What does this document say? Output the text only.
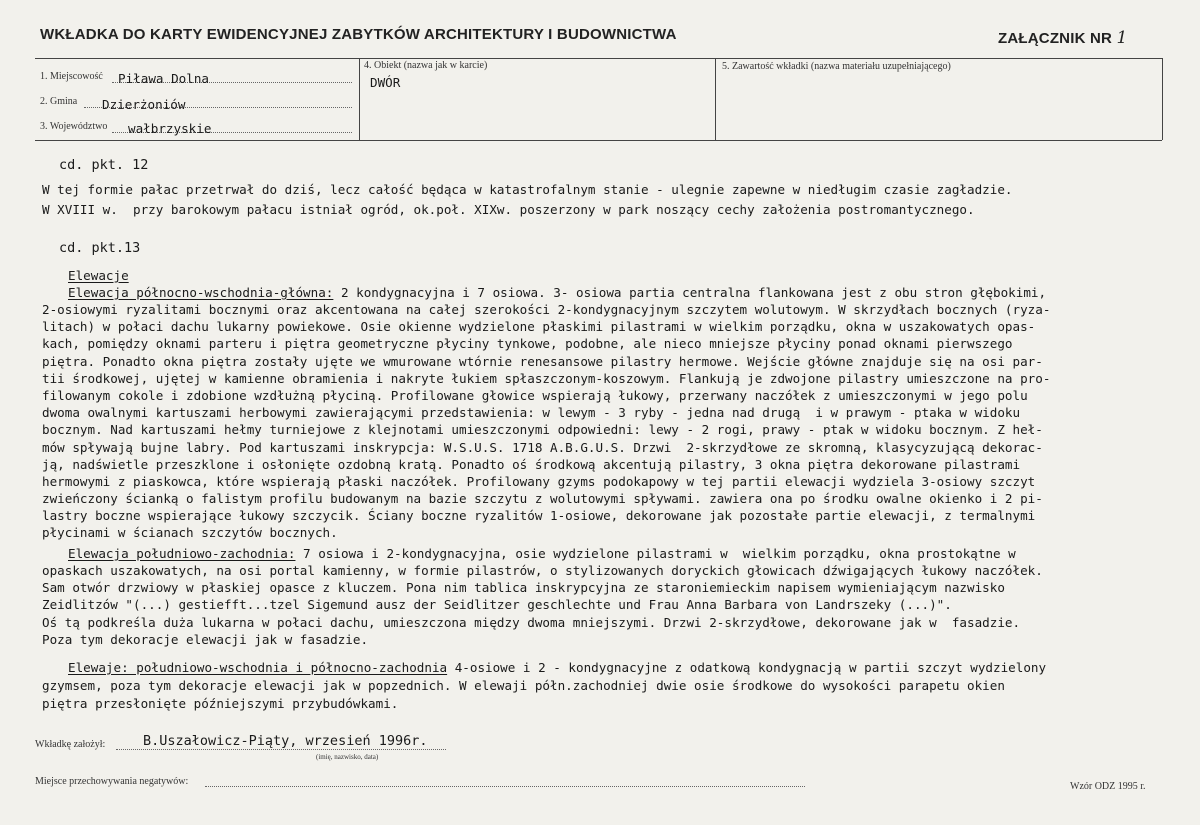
WKŁADKA DO KARTY EWIDENCYJNEJ ZABYTKÓW ARCHITEKTURY I BUDOWNICTWA	ZAŁĄCZNIK NR 1
1. Miejscowość Piława Dolna
2. Gmina Dzierżoniów
3. Województwo wałbrzyskie
4. Obiekt (nazwa jak w karcie)
DWÓR
5. Zawartość wkładki (nazwa materiału uzupełniającego)
cd. pkt. 12
W tej formie pałac przetrwał do dziś, lecz całość będąca w katastrofalnym stanie - ulegnie zapewne w niedługim czasie zagładzie.
W XVIII w.  przy barokowym pałacu istniał ogród, ok.poł. XIXw. poszerzony w park noszący cechy założenia postromantycznego.
cd. pkt.13
Elewacje
Elewacja północno-wschodnia-główna: 2 kondygnacyjna i 7 osiowa. 3- osiowa partia centralna flankowana jest z obu stron głębokimi,
2-osiowymi ryzalitami bocznymi oraz akcentowana na całej szerokości 2-kondygnacyjnym szczytem wolutowym. W skrzydłach bocznych (ryza-
litach) w połaci dachu lukarny powiekowe. Osie okienne wydzielone płaskimi pilastrami w wielkim porządku, okna w uszakowatych opas-
kach, pomiędzy oknami parteru i piętra geometryczne płyciny tynkowe, podobne, ale nieco mniejsze płyciny ponad oknami pierwszego
piętra. Ponadto okna piętra zostały ujęte we wmurowane wtórnie renesansowe pilastry hermowe. Wejście główne znajduje się na osi par-
tii środkowej, ujętej w kamienne obramienia i nakryte łukiem spłaszczonym-koszowym. Flankują je zdwojone pilastry umieszczone na pro-
filowanym cokole i zdobione wzdłużną płyciną. Profilowane głowice wspierają łukowy, przerwany naczółek z umieszczonymi w jego polu
dwoma owalnymi kartuszami herbowymi zawierającymi przedstawienia: w lewym - 3 ryby - jedna nad drugą  i w prawym - ptaka w widoku
bocznym. Nad kartuszami hełmy turniejowe z klejnotami umieszczonymi odpowiedni: lewy - 2 rogi, prawy - ptak w widoku bocznym. Z heł-
mów spływają bujne labry. Pod kartuszami inskrypcja: W.S.U.S. 1718 A.B.G.U.S. Drzwi  2-skrzydłowe ze skromną, klasycyzującą dekorac-
ją, nadświetle przeszklone i osłonięte ozdobną kratą. Ponadto oś środkową akcentują pilastry, 3 okna piętra dekorowane pilastrami
hermowymi z piaskowca, które wspierają płaski naczółek. Profilowany gzyms podokapowy w tej partii elewacji wydziela 3-osiowy szczyt
zwieńczony ścianką o falistym profilu budowanym na bazie szczytu z wolutowymi spływami. zawiera ona po środku owalne okienko i 2 pi-
lastry boczne wspierające łukowy szczycik. Ściany boczne ryzalitów 1-osiowe, dekorowane jak pozostałe partie elewacji, z termalnymi
płycinami w ścianach szczytów bocznych.
Elewacja południowo-zachodnia: 7 osiowa i 2-kondygnacyjna, osie wydzielone pilastrami w  wielkim porządku, okna prostokątne w
opaskach uszakowatych, na osi portal kamienny, w formie pilastrów, o stylizowanych doryckich głowicach dźwigających łukowy naczółek.
Sam otwór drzwiowy w płaskiej opasce z kluczem. Pona nim tablica inskrypcyjna ze staroniemieckim napisem wymieniającym nazwisko
Zeidlitzów "(...) gestiefft...tzel Sigemund ausz der Seidlitzer geschlechte und Frau Anna Barbara von Landrszeky (...)".
Oś tą podkreśla duża lukarna w połaci dachu, umieszczona między dwoma mniejszymi. Drzwi 2-skrzydłowe, dekorowane jak w  fasadzie.
Poza tym dekoracje elewacji jak w fasadzie.
Elewaje: południowo-wschodnia i północno-zachodnia 4-osiowe i 2 - kondygnacyjne z odatkową kondygnacją w partii szczyt wydzielony
gzymsem, poza tym dekoracje elewacji jak w popzednich. W elewaji półn.zachodniej dwie osie środkowe do wysokości parapetu okien
piętra przesłonięte późniejszymi przybudówkami.
Wkładkę założył:	B.Uszałowicz-Piąty, wrzesień 1996r.
(imię, nazwisko, data)
Miejsce przechowywania negatywów:	Wzór ODZ 1995 r.
